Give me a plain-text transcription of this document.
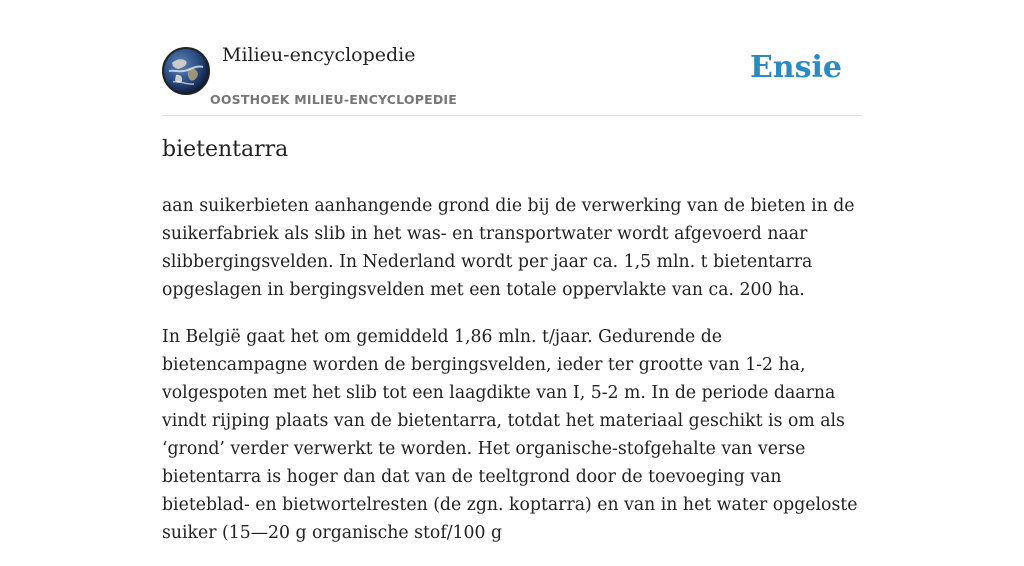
Milieu-encyclopedie
OOSTHOEK MILIEU-ENCYCLOPEDIE
Ensie
bietentarra

aan suikerbieten aanhangende grond die bij de verwerking van de bieten in de suikerfabriek als slib in het was- en transportwater wordt afgevoerd naar slibbergingsvelden. In Nederland wordt per jaar ca. 1,5 mln. t bietentarra opgeslagen in bergingsvelden met een totale oppervlakte van ca. 200 ha.

In België gaat het om gemiddeld 1,86 mln. t/jaar. Gedurende de bietencampagne worden de bergingsvelden, ieder ter grootte van 1-2 ha, volgespoten met het slib tot een laagdikte van I, 5-2 m. In de periode daarna vindt rijping plaats van de bietentarra, totdat het materiaal geschikt is om als ‘grond’ verder verwerkt te worden. Het organische-stofgehalte van verse bietentarra is hoger dan dat van de teeltgrond door de toevoeging van bieteblad- en bietwortelresten (de zgn. koptarra) en van in het water opgeloste suiker (15—20 g organische stof/100 g
